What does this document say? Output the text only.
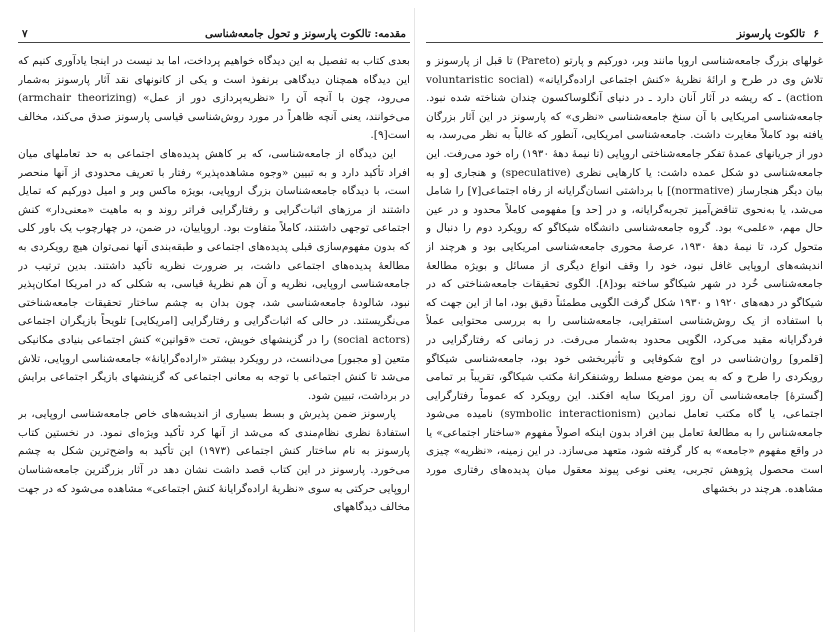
مقدمه: تالکوت پارسونز و تحول جامعه‌شناسی
٧

بعدی کتاب به تفصیل به این دیدگاه خواهیم پرداخت، اما بد نیست در اینجا یادآوری کنیم که این دیدگاه همچنان دیدگاهی برنفوذ است و یکی از کانونهای نقد آثار پارسونز به‌شمار می‌رود، چون با آنچه آن را «نظریه‌پردازی دور از عمل» (armchair theorizing) می‌خوانند، یعنی آنچه ظاهراً در مورد روش‌شناسی قیاسی پارسونز صدق می‌کند، مخالف است[۹].

این دیدگاه از جامعه‌شناسی، که بر کاهش پدیده‌های اجتماعی به حد تعاملهای میان افراد تأکید دارد و به تبیین «وجوه مشاهده‌پذیر» رفتار با تعریف محدودی از آنها منحصر است، با دیدگاه جامعه‌شناسان بزرگ اروپایی، بویژه ماکس وبر و امیل دورکیم که تمایل داشتند از مرزهای اثبات‌گرایی و رفتارگرایی فراتر روند و به ماهیت «معنی‌دار» کنش اجتماعی توجهی داشتند، کاملاً متفاوت بود. اروپاییان، در ضمن، در چهارچوب یک باور کلی که بدون مفهوم‌سازی قبلی پدیده‌های اجتماعی و طبقه‌بندی آنها نمی‌توان هیچ رویکردی به مطالعهٔ پدیده‌های اجتماعی داشت، بر ضرورت نظریه تأکید داشتند. بدین ترتیب در جامعه‌شناسی اروپایی، نظریه و آن هم نظریهٔ قیاسی، به شکلی که در امریکا امکان‌پذیر نبود، شالودهٔ جامعه‌شناسی شد، چون بدان به چشم ساختار تحقیقات جامعه‌شناختی می‌نگریستند. در حالی که اثبات‌گرایی و رفتارگرایی [امریکایی] تلویحاً بازیگران اجتماعی (social actors) را در گزینشهای خویش، تحت «قوانین» کنش اجتماعی بنیادی مکانیکی متعین [و مجبور] می‌دانست، در رویکرد بیشتر «اراده‌گرایانهٔ» جامعه‌شناسی اروپایی، تلاش می‌شد تا کنش اجتماعی با توجه به معانی اجتماعی که گزینشهای بازیگر اجتماعی برایش در برداشت، تبیین شود.

پارسونز ضمن پذیرش و بسط بسیاری از اندیشه‌های خاص جامعه‌شناسی اروپایی، بر استفادهٔ نظری نظام‌مندی که می‌شد از آنها کرد تأکید ویژه‌ای نمود. در نخستین کتاب پارسونز به نام ساختار کنش اجتماعی (۱۹۷۳) این تأکید به واضح‌ترین شکل به چشم می‌خورد. پارسونز در این کتاب قصد داشت نشان دهد در آثار بزرگترین جامعه‌شناسان اروپایی حرکتی به سوی «نظریهٔ اراده‌گرایانهٔ کنش اجتماعی» مشاهده می‌شود که در جهت مخالف دیدگاههای

۶
تالکوت پارسونز

غولهای بزرگ جامعه‌شناسی اروپا مانند وبر، دورکیم و پارتو (Pareto) تا قبل از پارسونز و تلاش وی در طرح و ارائهٔ نظریهٔ «کنش اجتماعی اراده‌گرایانه» (voluntaristic social action) ـ که ریشه در آثار آنان دارد ـ در دنیای آنگلوساکسون چندان شناخته شده نبود. جامعه‌شناسی امریکایی با آن سنخ جامعه‌شناسی «نظری» که پارسونز در این آثار بزرگان یافته بود کاملاً مغایرت داشت. جامعه‌شناسی امریکایی، آنطور که غالباً به نظر می‌رسد، به دور از جریانهای عمدهٔ تفکر جامعه‌شناختی اروپایی (تا نیمهٔ دههٔ ۱۹۳۰) راه خود می‌رفت. این جامعه‌شناسی دو شکل عمده داشت: یا کارهایی نظری (speculative) و هنجاری [و به بیان دیگر هنجارساز (normative)] با برداشتی انسان‌گرایانه از رفاه اجتماعی[۷] را شامل می‌شد، یا به‌نحوی تناقض‌آمیز تجربه‌گرایانه، و در [حد و] مفهومی کاملاً محدود و در عین حال مهم، «علمی» بود. گروه جامعه‌شناسی دانشگاه شیکاگو که رویکرد دوم را دنبال و متحول کرد، تا نیمهٔ دههٔ ۱۹۳۰، عرصهٔ محوری جامعه‌شناسی امریکایی بود و هرچند از اندیشه‌های اروپایی غافل نبود، خود را وقف انواع دیگری از مسائل و بویژه مطالعهٔ جامعه‌شناسی خُرد در شهر شیکاگو ساخته بود[۸]. الگوی تحقیقات جامعه‌شناختی که در شیکاگو در دهه‌های ۱۹۲۰ و ۱۹۳۰ شکل گرفت الگویی مطمئناً دقیق بود، اما از این جهت که با استفاده از یک روش‌شناسی استقرایی، جامعه‌شناسی را به بررسی محتوایی عملاً فردگرایانه مقید می‌کرد، الگویی محدود به‌شمار می‌رفت. در زمانی که رفتارگرایی در [قلمرو] روان‌شناسی در اوج شکوفایی و تأثیربخشی خود بود، جامعه‌شناسی شیکاگو رویکردی را طرح و که به یمن موضع مسلط روشنفکرانهٔ مکتب شیکاگو، تقریباً بر تمامی [گسترهٔ] جامعه‌شناسی آن روز امریکا سایه افکند. این رویکرد که عموماً رفتارگرایی اجتماعی، یا گاه مکتب تعامل نمادین (symbolic interactionism) نامیده می‌شود جامعه‌شناس را به مطالعهٔ تعامل بین افراد بدون اینکه اصولاً مفهوم «ساختار اجتماعی» یا در واقع مفهوم «جامعه» به کار گرفته شود، متعهد می‌سازد. در این زمینه، «نظریه» چیزی است محصول پژوهش تجربی، یعنی نوعی پیوند معقول میان پدیده‌های رفتاری مورد مشاهده. هرچند در بخشهای
